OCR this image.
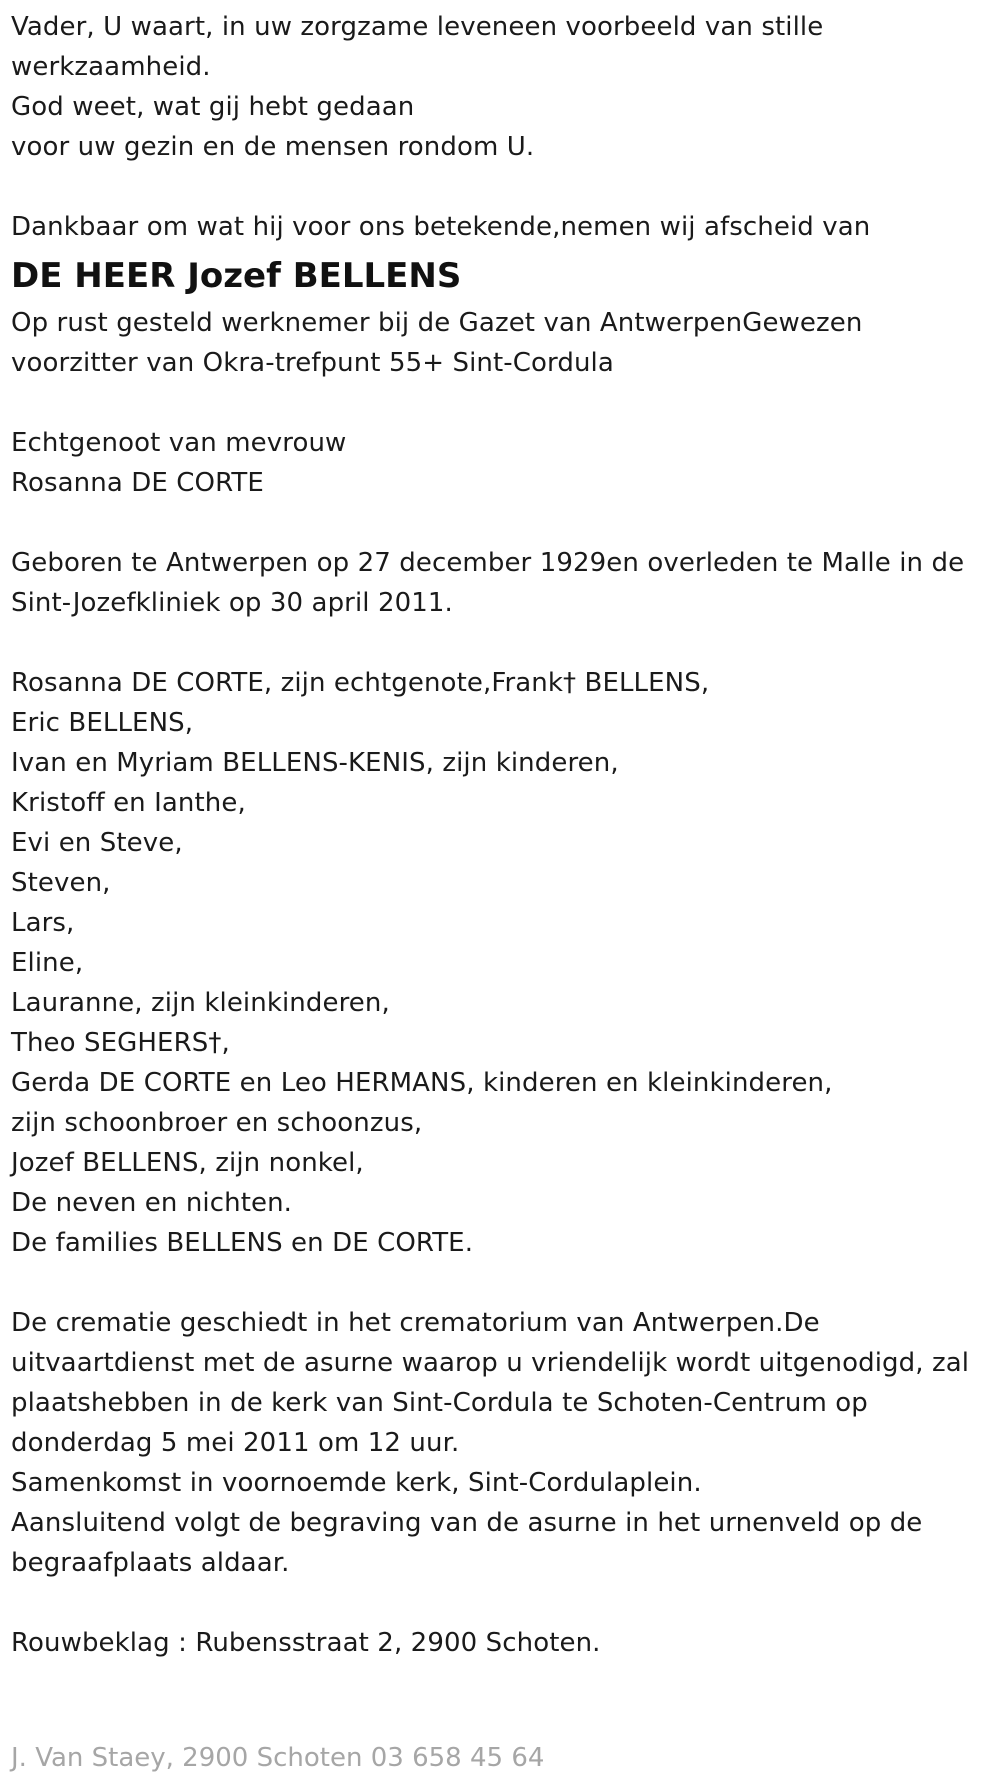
Vader, U waart, in uw zorgzame leveneen voorbeeld van stille
werkzaamheid.
God weet, wat gij hebt gedaan
voor uw gezin en de mensen rondom U.
Dankbaar om wat hij voor ons betekende,nemen wij afscheid van
DE HEER Jozef BELLENS
Op rust gesteld werknemer bij de Gazet van AntwerpenGewezen
voorzitter van Okra-trefpunt 55+ Sint-Cordula
Echtgenoot van mevrouw
Rosanna DE CORTE
Geboren te Antwerpen op 27 december 1929en overleden te Malle in de
Sint-Jozefkliniek op 30 april 2011.
Rosanna DE CORTE, zijn echtgenote,Frank† BELLENS,
Eric BELLENS,
Ivan en Myriam BELLENS-KENIS, zijn kinderen,
Kristoff en Ianthe,
Evi en Steve,
Steven,
Lars,
Eline,
Lauranne, zijn kleinkinderen,
Theo SEGHERS†,
Gerda DE CORTE en Leo HERMANS, kinderen en kleinkinderen,
zijn schoonbroer en schoonzus,
Jozef BELLENS, zijn nonkel,
De neven en nichten.
De families BELLENS en DE CORTE.
De crematie geschiedt in het crematorium van Antwerpen.De
uitvaartdienst met de asurne waarop u vriendelijk wordt uitgenodigd, zal
plaatshebben in de kerk van Sint-Cordula te Schoten-Centrum op
donderdag 5 mei 2011 om 12 uur.
Samenkomst in voornoemde kerk, Sint-Cordulaplein.
Aansluitend volgt de begraving van de asurne in het urnenveld op de
begraafplaats aldaar.
Rouwbeklag : Rubensstraat 2, 2900 Schoten.
J. Van Staey, 2900 Schoten 03 658 45 64
